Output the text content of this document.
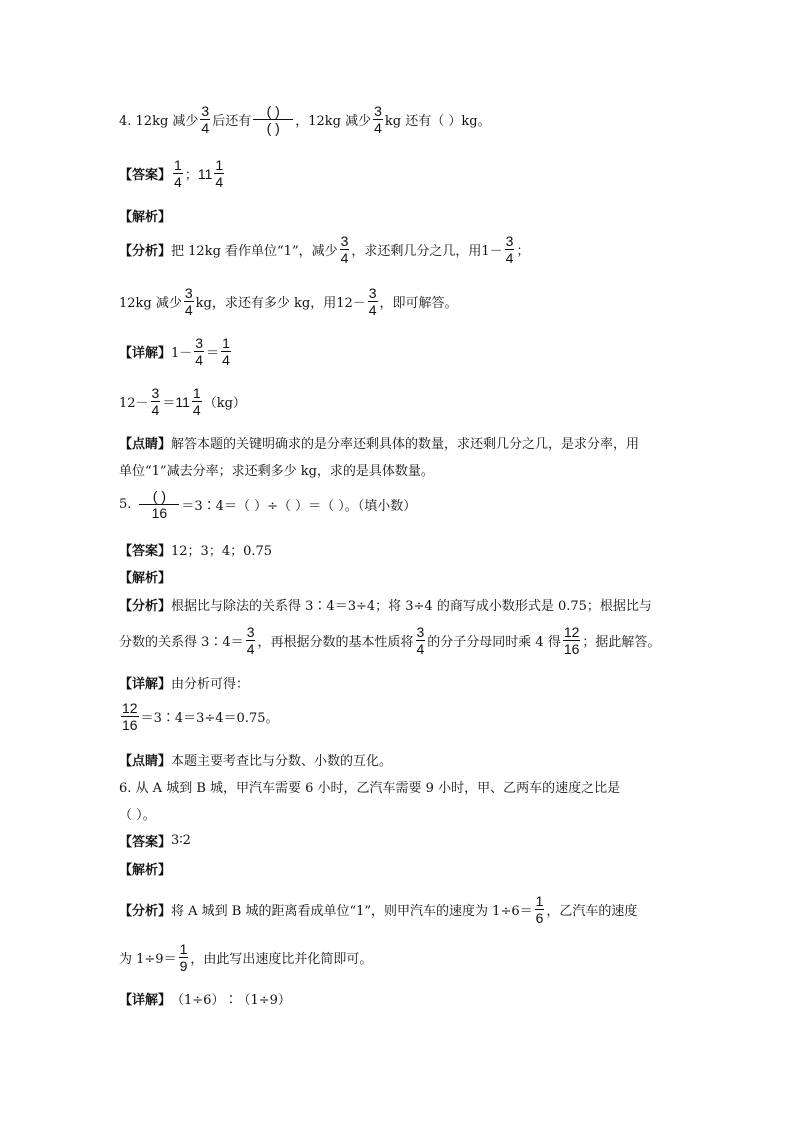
4. 12kg 减少 $\frac{3}{4}$ 后还有 $\frac{( )}{( )}$ ，12kg 减少 $\frac{3}{4}$ kg 还有（ ）kg。
【答案】 $\frac{1}{4}$ ； $11 \frac{1}{4}$
【解析】
【分析】 把 12kg 看作单位“1”，减少 $\frac{3}{4}$ ，求还剩几分之几，用$1- \frac{3}{4}$ ；
12kg 减少 $\frac{3}{4}$ kg，求还有多少 kg，用$12- \frac{3}{4}$ ，即可解答。
【详解】 $1- \frac{3}{4} = \frac{1}{4}$
$12- \frac{3}{4} = 11 \frac{1}{4} (kg)$
【点睛】 解答本题的关键明确求的是分率还剩具体的数量，求还剩几分之几，是求分率，用
单位“1”减去分率；求还剩多少 kg，求的是具体数量。
5. $\frac{( )}{16}$ ＝3∶4＝（ ）÷（ ）＝（ ）。（填小数）
【答案】 12；3；4；0.75
【解析】
【分析】 根据比与除法的关系得 3∶4＝3÷4；将 3÷4 的商写成小数形式是 0.75；根据比与
分数的关系得 3∶4＝ $\frac{3}{4}$ ，再根据分数的基本性质将 $\frac{3}{4}$ 的分子分母同时乘 4 得 $\frac{12}{16}$ ；据此解答。
【详解】 由分析可得：
$\frac{12}{16}$ ＝3∶4＝3÷4＝0.75。
【点睛】 本题主要考查比与分数、小数的互化。
6. 从 A 城到 B 城，甲汽车需要 6 小时，乙汽车需要 9 小时，甲、乙两车的速度之比是
（ ）。
【答案】 3∶2
【解析】
【分析】 将 A 城到 B 城的距离看成单位“1”，则甲汽车的速度为 $1\div 6= \frac{1}{6}$ ，乙汽车的速度
为 $1\div 9= \frac{1}{9}$ ，由此写出速度比并化简即可。
【详解】 （1÷6）∶（1÷9）
